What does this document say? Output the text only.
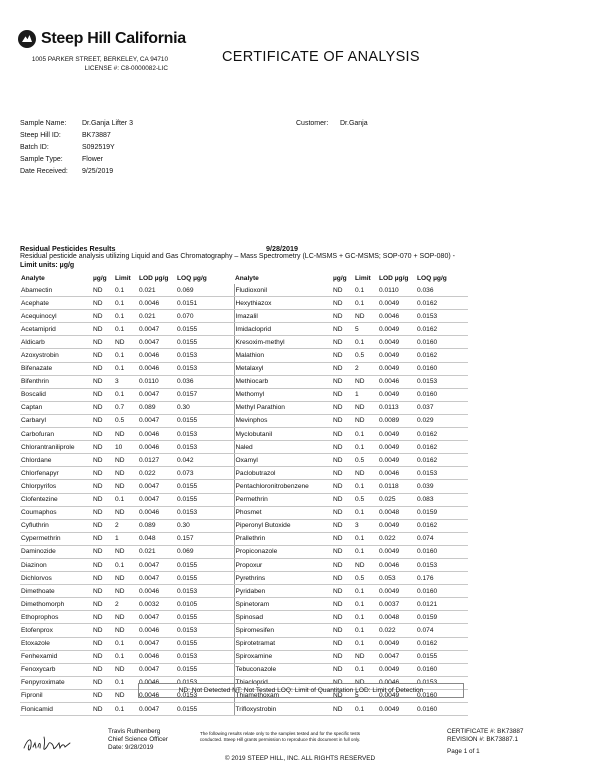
Steep Hill California
1005 PARKER STREET, BERKELEY, CA 94710
LICENSE #: C8-0000082-LIC
CERTIFICATE OF ANALYSIS
Sample Name: Dr.Ganja Lifter 3
Steep Hill ID:	BK73887
Batch ID:	S092519Y
Sample Type:	Flower
Date Received: 9/25/2019
Customer: Dr.Ganja
Residual Pesticides Results	9/28/2019
Residual pesticide analysis utilizing Liquid and Gas Chromatography – Mass Spectrometry (LC-MSMS + GC-MSMS; SOP-070 + SOP-080) - Limit units: µg/g
Analyte	µg/g	Limit	LOD µg/g	LOQ µg/g	Analyte	µg/g	Limit	LOD µg/g	LOQ µg/g
Abamectin	ND	0.1	0.021	0.069	Fludioxonil	ND	0.1	0.0110	0.036
Acephate	ND	0.1	0.0046	0.0151	Hexythiazox	ND	0.1	0.0049	0.0162
Acequinocyl	ND	0.1	0.021	0.070	Imazalil	ND	ND	0.0046	0.0153
Acetamiprid	ND	0.1	0.0047	0.0155	Imidacloprid	ND	5	0.0049	0.0162
Aldicarb	ND	ND	0.0047	0.0155	Kresoxim-methyl	ND	0.1	0.0049	0.0160
Azoxystrobin	ND	0.1	0.0046	0.0153	Malathion	ND	0.5	0.0049	0.0162
Bifenazate	ND	0.1	0.0046	0.0153	Metalaxyl	ND	2	0.0049	0.0160
Bifenthrin	ND	3	0.0110	0.036	Methiocarb	ND	ND	0.0046	0.0153
Boscalid	ND	0.1	0.0047	0.0157	Methomyl	ND	1	0.0049	0.0160
Captan	ND	0.7	0.089	0.30	Methyl Parathion	ND	ND	0.0113	0.037
Carbaryl	ND	0.5	0.0047	0.0155	Mevinphos	ND	ND	0.0089	0.029
Carbofuran	ND	ND	0.0046	0.0153	Myclobutanil	ND	0.1	0.0049	0.0162
Chlorantraniliprole	ND	10	0.0046	0.0153	Naled	ND	0.1	0.0049	0.0162
Chlordane	ND	ND	0.0127	0.042	Oxamyl	ND	0.5	0.0049	0.0162
Chlorfenapyr	ND	ND	0.022	0.073	Paclobutrazol	ND	ND	0.0046	0.0153
Chlorpyrifos	ND	ND	0.0047	0.0155	Pentachloronitrobenzene	ND	0.1	0.0118	0.039
Clofentezine	ND	0.1	0.0047	0.0155	Permethrin	ND	0.5	0.025	0.083
Coumaphos	ND	ND	0.0046	0.0153	Phosmet	ND	0.1	0.0048	0.0159
Cyfluthrin	ND	2	0.089	0.30	Piperonyl Butoxide	ND	3	0.0049	0.0162
Cypermethrin	ND	1	0.048	0.157	Prallethrin	ND	0.1	0.022	0.074
Daminozide	ND	ND	0.021	0.069	Propiconazole	ND	0.1	0.0049	0.0160
Diazinon	ND	0.1	0.0047	0.0155	Propoxur	ND	ND	0.0046	0.0153
Dichlorvos	ND	ND	0.0047	0.0155	Pyrethrins	ND	0.5	0.053	0.176
Dimethoate	ND	ND	0.0046	0.0153	Pyridaben	ND	0.1	0.0049	0.0160
Dimethomorph	ND	2	0.0032	0.0105	Spinetoram	ND	0.1	0.0037	0.0121
Ethoprophos	ND	ND	0.0047	0.0155	Spinosad	ND	0.1	0.0048	0.0159
Etofenprox	ND	ND	0.0046	0.0153	Spiromesifen	ND	0.1	0.022	0.074
Etoxazole	ND	0.1	0.0047	0.0155	Spirotetramat	ND	0.1	0.0049	0.0162
Fenhexamid	ND	0.1	0.0046	0.0153	Spiroxamine	ND	ND	0.0047	0.0155
Fenoxycarb	ND	ND	0.0047	0.0155	Tebuconazole	ND	0.1	0.0049	0.0160
Fenpyroximate	ND	0.1	0.0046	0.0153	Thiacloprid	ND	ND	0.0046	0.0153
Fipronil	ND	ND	0.0046	0.0153	Thiamethoxam	ND	5	0.0049	0.0160
Flonicamid	ND	0.1	0.0047	0.0155	Trifloxystrobin	ND	0.1	0.0049	0.0160
ND: Not Detected NT: Not Tested LOQ: Limit of Quantitation LOD: Limit of Detection
Travis Ruthenberg
Chief Science Officer
Date: 9/28/2019
The following results relate only to the samples tested and for the specific tests conducted. Steep Hill grants permission to reproduce this document in full only.
CERTIFICATE #: BK73887
REVISION #: BK73887.1
Page 1 of 1
© 2019 STEEP HILL, INC. ALL RIGHTS RESERVED
